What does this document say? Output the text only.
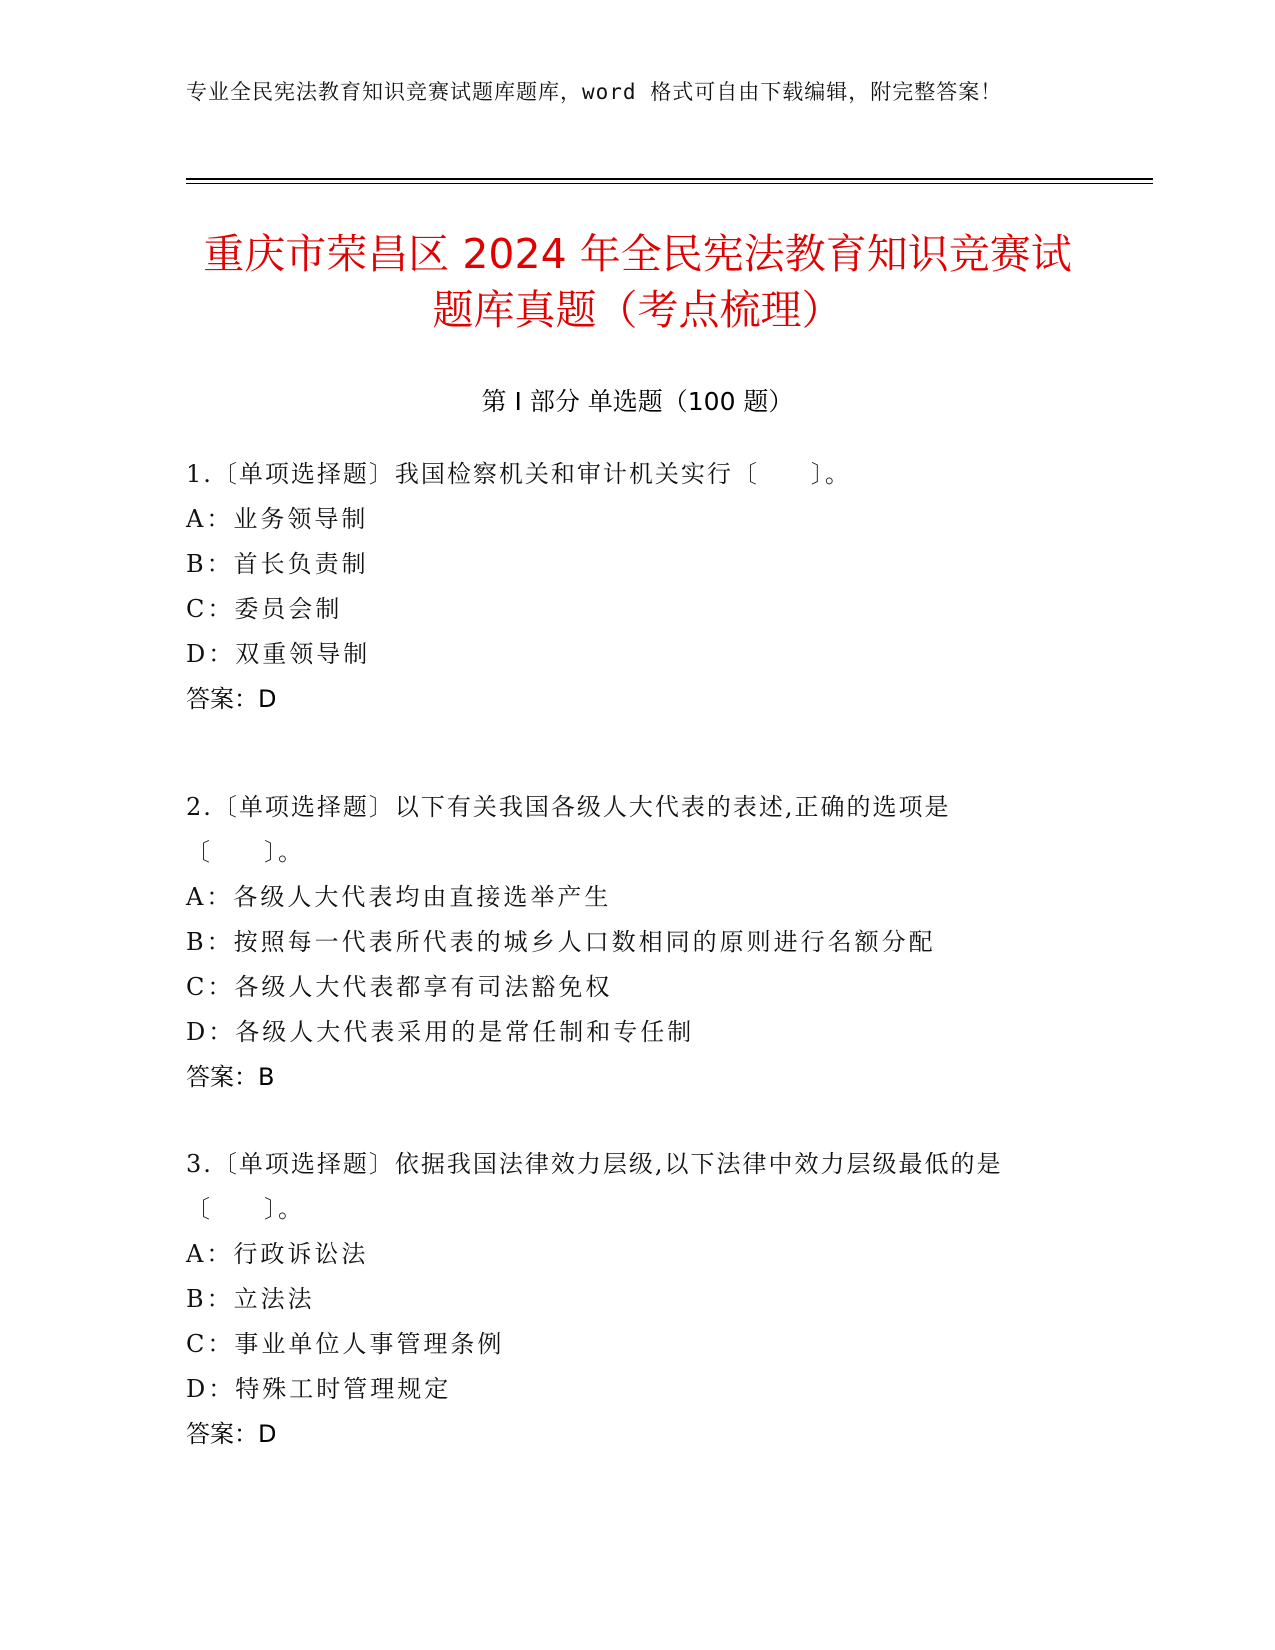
专业全民宪法教育知识竞赛试题库题库，word 格式可自由下载编辑，附完整答案！
重庆市荣昌区 2024 年全民宪法教育知识竞赛试题库真题（考点梳理）
第 I 部分 单选题（100 题）
1.〔单项选择题〕我国检察机关和审计机关实行〔　　〕。
A：业务领导制
B：首长负责制
C：委员会制
D：双重领导制
答案：D
2.〔单项选择题〕以下有关我国各级人大代表的表述,正确的选项是〔　　〕。
A：各级人大代表均由直接选举产生
B：按照每一代表所代表的城乡人口数相同的原则进行名额分配
C：各级人大代表都享有司法豁免权
D：各级人大代表采用的是常任制和专任制
答案：B
3.〔单项选择题〕依据我国法律效力层级,以下法律中效力层级最低的是〔　　〕。
A：行政诉讼法
B：立法法
C：事业单位人事管理条例
D：特殊工时管理规定
答案：D
